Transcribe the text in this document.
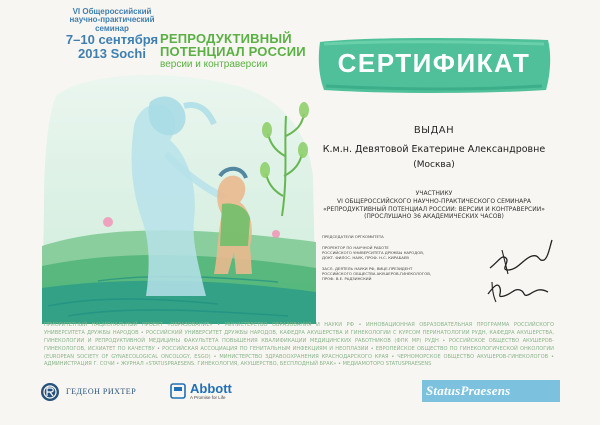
VI Общероссийский
научно-практический семинар
7–10 сентября
2013 Sochi
РЕПРОДУКТИВНЫЙ
ПОТЕНЦИАЛ РОССИИ
версии и контраверсии	СЕРТИФИКАТ
ВЫДАН
К.м.н. Девятовой Екатерине Александровне
(Москва)
УЧАСТНИКУ
VI ОБЩЕРОССИЙСКОГО НАУЧНО-ПРАКТИЧЕСКОГО СЕМИНАРА
«РЕПРОДУКТИВНЫЙ ПОТЕНЦИАЛ РОССИИ: ВЕРСИИ И КОНТРАВЕРСИИ»
(ПРОСЛУШАНО 36 АКАДЕМИЧЕСКИХ ЧАСОВ)
ПРЕДСЕДАТЕЛИ ОРГКОМИТЕТА
ПРОРЕКТОР ПО НАУЧНОЙ РАБОТЕ
РОССИЙСКОГО УНИВЕРСИТЕТА ДРУЖБЫ НАРОДОВ,
ДОКТ. ФИЛОС. НАУК, ПРОФ. Н.С. КИРАБАЕВ
ЗАСЛ. ДЕЯТЕЛЬ НАУКИ РФ, ВИЦЕ-ПРЕЗИДЕНТ
РОССИЙСКОГО ОБЩЕСТВА АКУШЕРОВ-ГИНЕКОЛОГОВ,
ПРОФ. В.Е. РАДЗИНСКИЙ
ПРИОРИТЕТНЫЙ НАЦИОНАЛЬНЫЙ ПРОЕКТ «ОБРАЗОВАНИЕ» • МИНИСТЕРСТВО ОБРАЗОВАНИЯ И НАУКИ РФ • ИННОВАЦИОННАЯ ОБРАЗОВАТЕЛЬНАЯ ПРОГРАММА РОССИЙСКОГО УНИВЕРСИТЕТА ДРУЖБЫ НАРОДОВ • РОССИЙСКИЙ УНИВЕРСИТЕТ ДРУЖБЫ НАРОДОВ, КАФЕДРА АКУШЕРСТВА И ГИНЕКОЛОГИИ С КУРСОМ ПЕРИНАТОЛОГИИ РУДН, КАФЕДРА АКУШЕРСТВА, ГИНЕКОЛОГИИ И РЕПРОДУКТИВНОЙ МЕДИЦИНЫ ФАКУЛЬТЕТА ПОВЫШЕНИЯ КВАЛИФИКАЦИИ МЕДИЦИНСКИХ РАБОТНИКОВ (ФПК МР) РУДН • РОССИЙСКОЕ ОБЩЕСТВО АКУШЕРОВ-ГИНЕКОЛОГОВ, ИСХИАТЕТ ПО КАЧЕСТВУ • РОССИЙСКАЯ АССОЦИАЦИЯ ПО ГЕНИТАЛЬНЫМ ИНФЕКЦИЯМ И НЕОПЛАЗИИ • ЕВРОПЕЙСКОЕ ОБЩЕСТВО ПО ГИНЕКОЛОГИЧЕСКОЙ ОНКОЛОГИИ (EUROPEAN SOCIETY OF GYNAECOLOGICAL ONCOLOGY, ESGO) • МИНИСТЕРСТВО ЗДРАВООХРАНЕНИЯ КРАСНОДАРСКОГО КРАЯ • ЧЕРНОМОРСКОЕ ОБЩЕСТВО АКУШЕРОВ-ГИНЕКОЛОГОВ • АДМИНИСТРАЦИЯ Г. СОЧИ • ЖУРНАЛ «STATUSPRAESENS. ГИНЕКОЛОГИЯ, АКУШЕРСТВО, БЕСПЛОДНЫЙ БРАК» • МЕДИАМОТОРО STATUSPRAESENS
ГЕДЕОН РИХТЕР	Abbott
A Promise for Life	StatusPraesens
